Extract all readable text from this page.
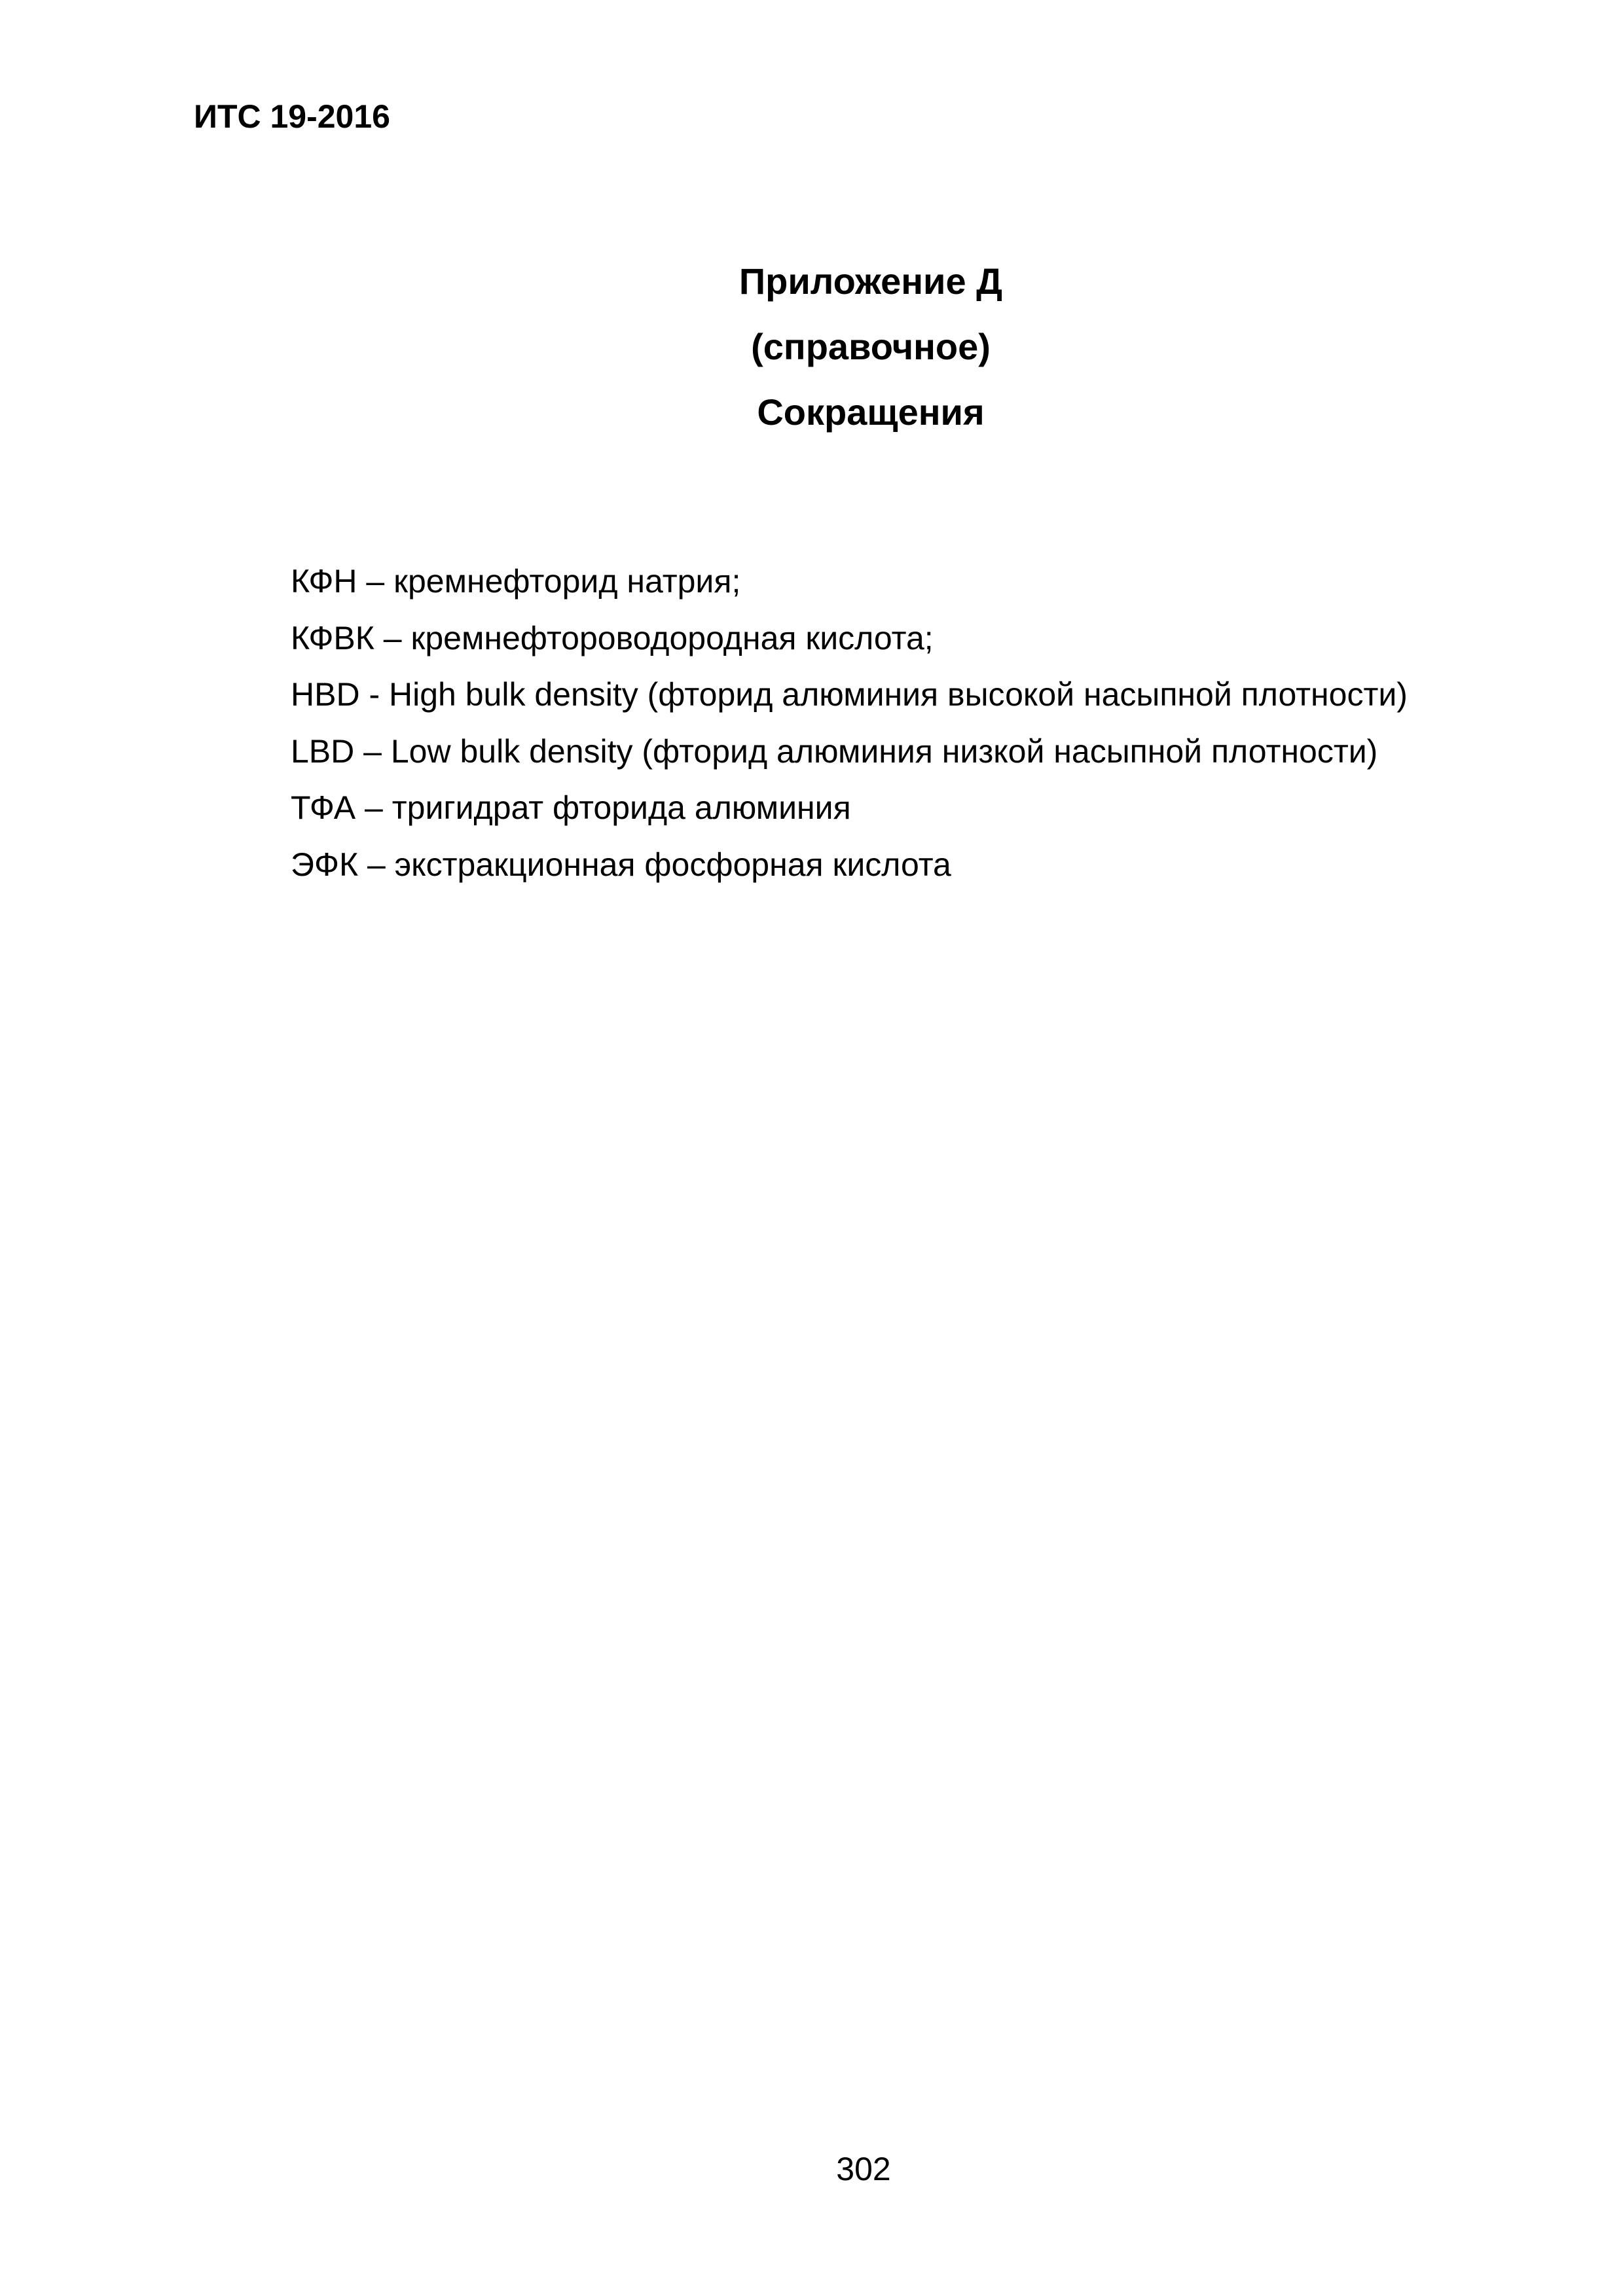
ИТС 19-2016
Приложение Д
(справочное)
Сокращения
КФН – кремнефторид натрия;
КФВК – кремнефтороводородная кислота;
HBD - High bulk density (фторид алюминия высокой насыпной плотности)
LBD – Low bulk density (фторид алюминия низкой насыпной плотности)
ТФА – тригидрат фторида алюминия
ЭФК – экстракционная фосфорная кислота
302
